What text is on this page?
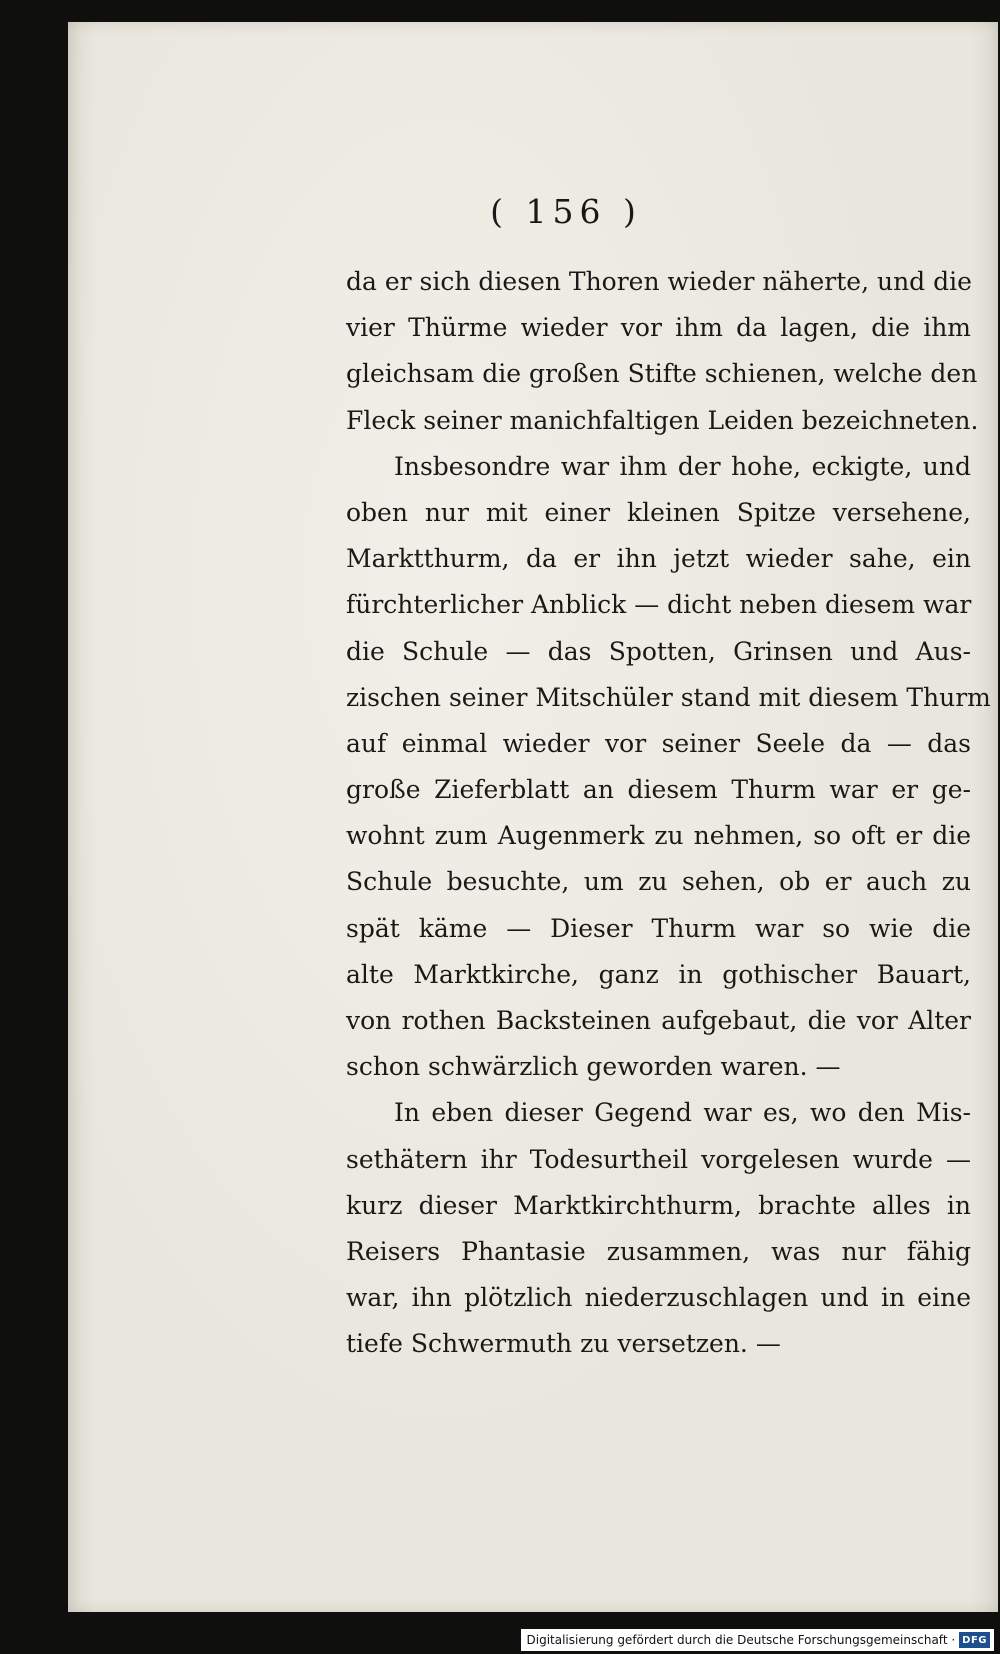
( 156 )
da er sich diesen Thoren wieder näherte, und die
vier Thürme wieder vor ihm da lagen, die ihm
gleichsam die großen Stifte schienen, welche den
Fleck seiner manichfaltigen Leiden bezeichneten.
Insbesondre war ihm der hohe, eckigte, und
oben nur mit einer kleinen Spitze versehene,
Marktthurm, da er ihn jetzt wieder sahe, ein
fürchterlicher Anblick — dicht neben diesem war
die Schule — das Spotten, Grinsen und Aus-
zischen seiner Mitschüler stand mit diesem Thurm
auf einmal wieder vor seiner Seele da — das
große Zieferblatt an diesem Thurm war er ge-
wohnt zum Augenmerk zu nehmen, so oft er die
Schule besuchte, um zu sehen, ob er auch zu
spät käme — Dieser Thurm war so wie die
alte Marktkirche, ganz in gothischer Bauart,
von rothen Backsteinen aufgebaut, die vor Alter
schon schwärzlich geworden waren. —
In eben dieser Gegend war es, wo den Mis-
sethätern ihr Todesurtheil vorgelesen wurde —
kurz dieser Marktkirchthurm, brachte alles in
Reisers Phantasie zusammen, was nur fähig
war, ihn plötzlich niederzuschlagen und in eine
tiefe Schwermuth zu versetzen. —
Digitalisierung gefördert durch die Deutsche Forschungsgemeinschaft · DFG
